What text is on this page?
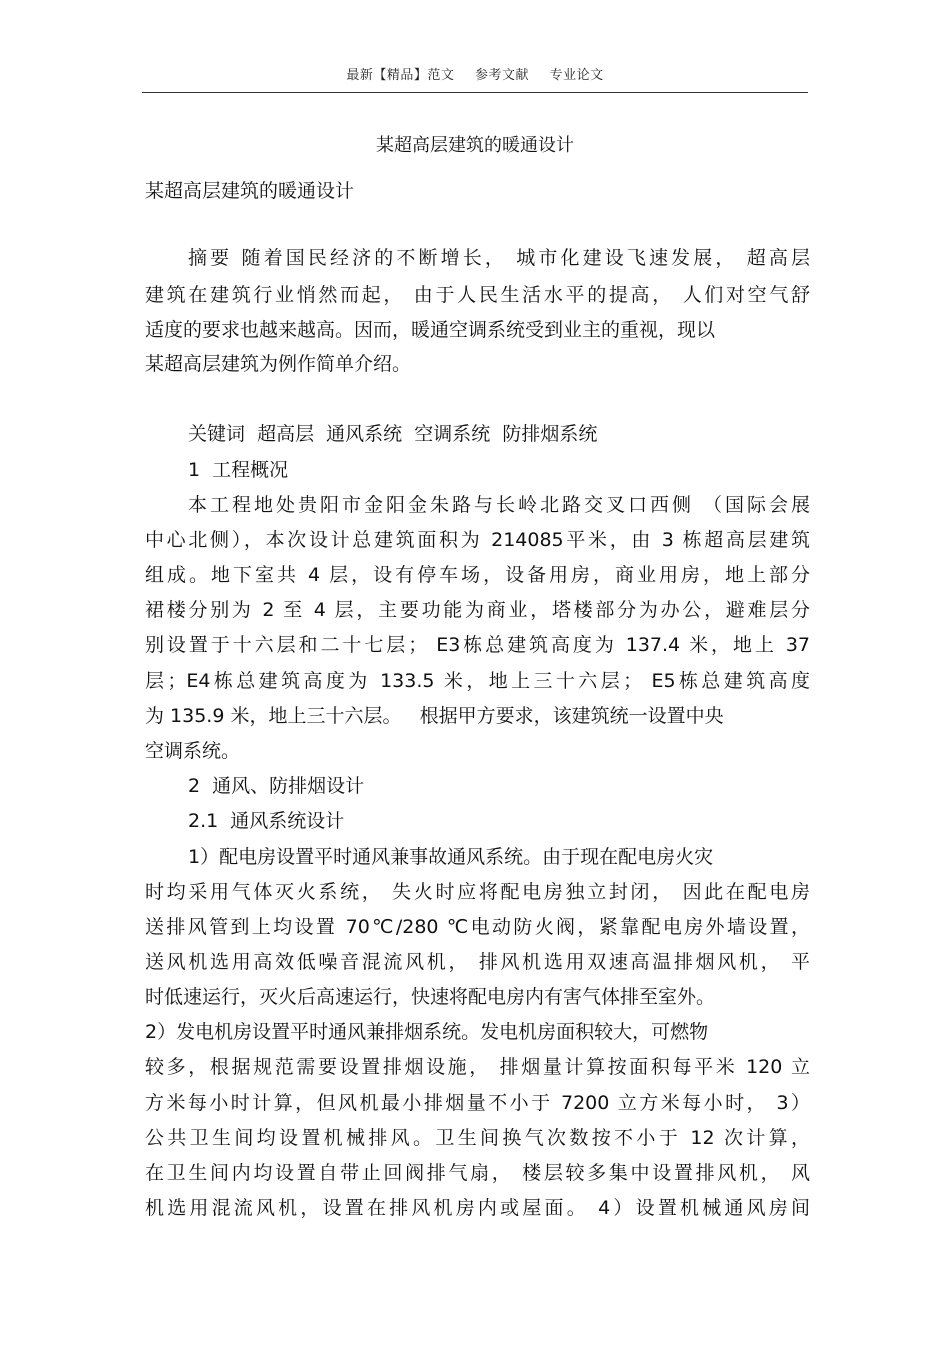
最新【精品】范文 参考文献 专业论文
某超高层建筑的暖通设计
某超高层建筑的暖通设计
摘要 随着国民经济的不断增长， 城市化建设飞速发展， 超高层
建筑在建筑行业悄然而起， 由于人民生活水平的提高， 人们对空气舒
适度的要求也越来越高。因而，暖通空调系统受到业主的重视，现以
某超高层建筑为例作简单介绍。
关键词  超高层  通风系统  空调系统  防排烟系统
1  工程概况
本工程地处贵阳市金阳金朱路与长岭北路交叉口西侧 （国际会展
中心北侧），本次设计总建筑面积为 214085平米，由 3 栋超高层建筑
组成。地下室共 4 层，设有停车场，设备用房，商业用房，地上部分
裙楼分别为 2 至 4 层，主要功能为商业，塔楼部分为办公，避难层分
别设置于十六层和二十七层； E3栋总建筑高度为 137.4 米，地上 37
层；E4栋总建筑高度为 133.5 米，地上三十六层； E5栋总建筑高度
为 135.9 米，地上三十六层。   根据甲方要求，该建筑统一设置中央
空调系统。
2  通风、防排烟设计
2.1  通风系统设计
1）配电房设置平时通风兼事故通风系统。由于现在配电房火灾
时均采用气体灭火系统， 失火时应将配电房独立封闭， 因此在配电房
送排风管到上均设置 70℃/280 ℃电动防火阀，紧靠配电房外墙设置，
送风机选用高效低噪音混流风机， 排风机选用双速高温排烟风机， 平
时低速运行，灭火后高速运行，快速将配电房内有害气体排至室外。
2）发电机房设置平时通风兼排烟系统。发电机房面积较大，可燃物
较多，根据规范需要设置排烟设施， 排烟量计算按面积每平米 120 立
方米每小时计算，但风机最小排烟量不小于 7200 立方米每小时， 3）
公共卫生间均设置机械排风。卫生间换气次数按不小于 12 次计算，
在卫生间内均设置自带止回阀排气扇， 楼层较多集中设置排风机， 风
机选用混流风机，设置在排风机房内或屋面。 4）设置机械通风房间
